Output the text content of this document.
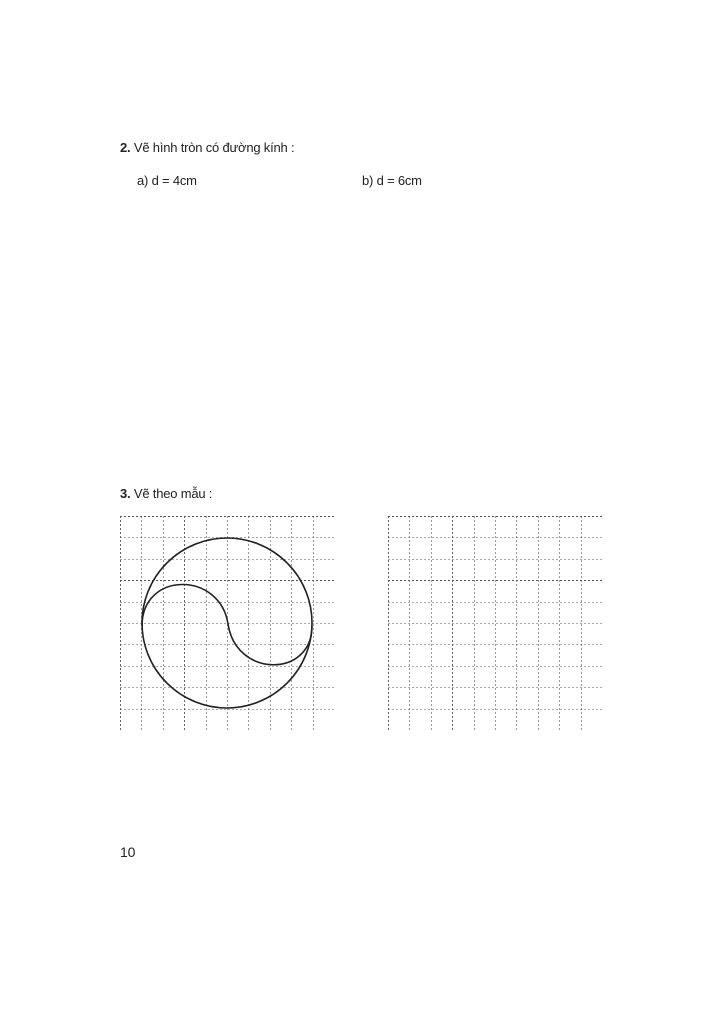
2. Vẽ hình tròn có đường kính :
a) d = 4cm	b) d = 6cm
3. Vẽ theo mẫu :
10
